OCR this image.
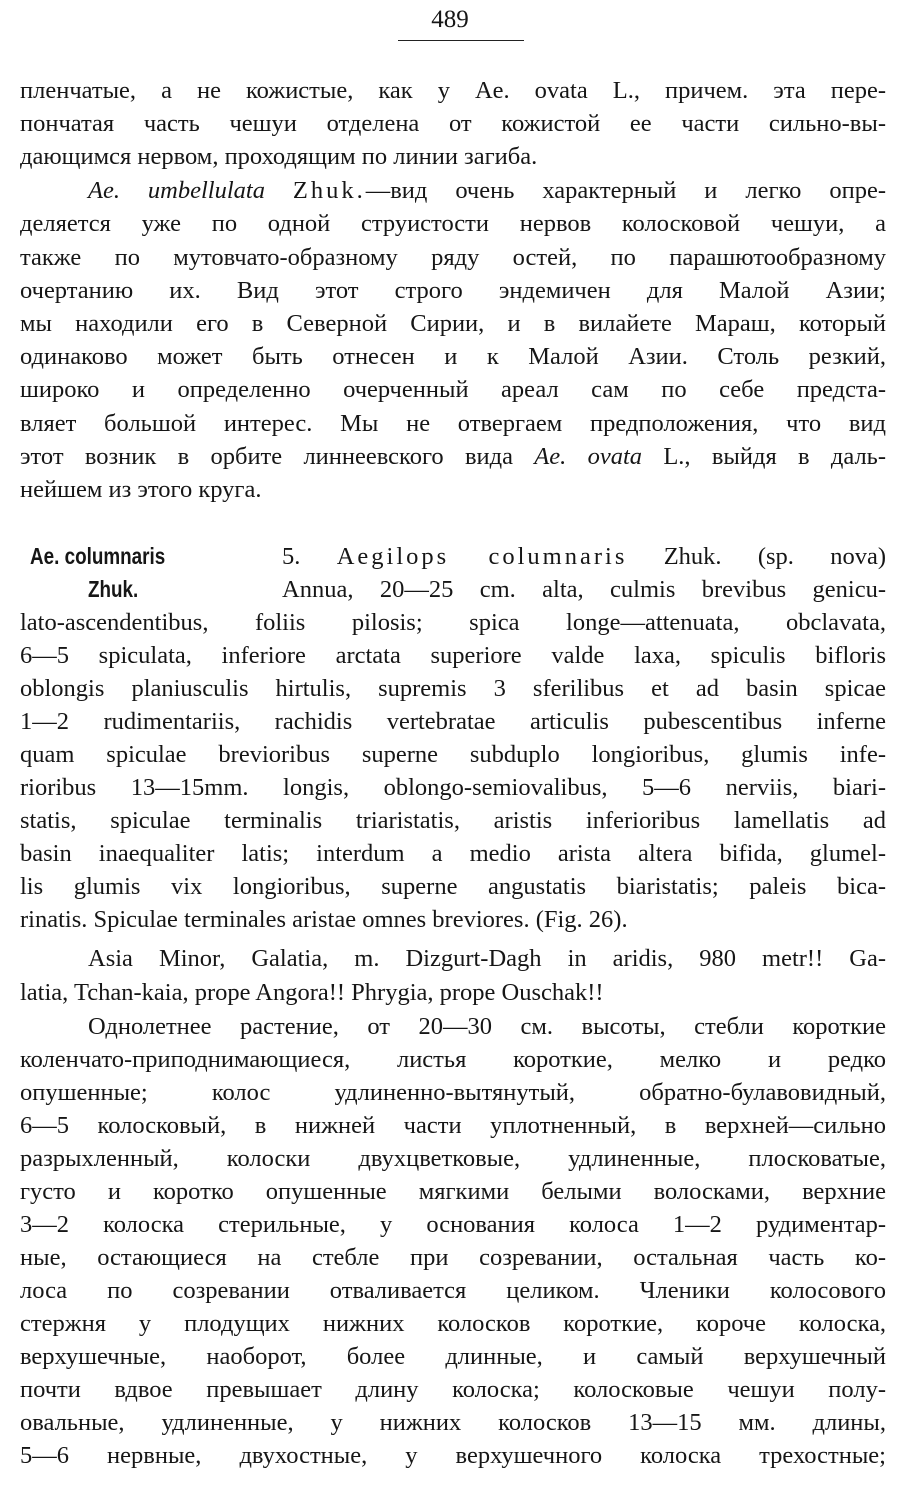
489
пленчатые, а не кожистые, как у Ae. ovata L., причем. эта пере-
пончатая часть чешуи отделена от кожистой ее части сильно-вы-
дающимся нервом, проходящим по линии загиба.
Ae. umbellulata Zhuk.—вид очень характерный и легко опре-
деляется уже по одной струистости нервов колосковой чешуи, а
также по мутовчато-образному ряду остей, по парашютообразному
очертанию их. Вид этот строго эндемичен для Малой Азии;
мы находили его в Северной Сирии, и в вилайете Мараш, который
одинаково может быть отнесен и к Малой Азии. Столь резкий,
широко и определенно очерченный ареал сам по себе предста-
вляет большой интерес. Мы не отвергаем предположения, что вид
этот возник в орбите линнеевского вида Ae. ovata L., выйдя в даль-
нейшем из этого круга.
Ae. columnaris
Zhuk.
5. Aegilops columnaris Zhuk. (sp. nova)
Annua, 20—25 cm. alta, culmis brevibus genicu-
lato-ascendentibus, foliis pilosis; spica longe—attenuata, obclavata,
6—5 spiculata, inferiore arctata superiore valde laxa, spiculis bifloris
oblongis planiusculis hirtulis, supremis 3 sferilibus et ad basin spicae
1—2 rudimentariis, rachidis vertebratae articulis pubescentibus inferne
quam spiculae brevioribus superne subduplo longioribus, glumis infe-
rioribus 13—15mm. longis, oblongo-semiovalibus, 5—6 nerviis, biari-
statis, spiculae terminalis triaristatis, aristis inferioribus lamellatis ad
basin inaequaliter latis; interdum a medio arista altera bifida, glumel-
lis glumis vix longioribus, superne angustatis biaristatis; paleis bica-
rinatis. Spiculae terminales aristae omnes breviores. (Fig. 26).
Asia Minor, Galatia, m. Dizgurt-Dagh in aridis, 980 metr!! Ga-
latia, Tchan-kaia, prope Angora!! Phrygia, prope Ouschak!!
Однолетнее растение, от 20—30 см. высоты, стебли короткие
коленчато-приподнимающиеся, листья короткие, мелко и редко
опушенные; колос удлиненно-вытянутый, обратно-булавовидный,
6—5 колосковый, в нижней части уплотненный, в верхней—сильно
разрыхленный, колоски двухцветковые, удлиненные, плосковатые,
густо и коротко опушенные мягкими белыми волосками, верхние
3—2 колоска стерильные, у основания колоса 1—2 рудиментар-
ные, остающиеся на стебле при созревании, остальная часть ко-
лоса по созревании отваливается целиком. Членики колосового
стержня у плодущих нижних колосков короткие, короче колоска,
верхушечные, наоборот, более длинные, и самый верхушечный
почти вдвое превышает длину колоска; колосковые чешуи полу-
овальные, удлиненные, у нижних колосков 13—15 мм. длины,
5—6 нервные, двухостные, у верхушечного колоска трехостные;
